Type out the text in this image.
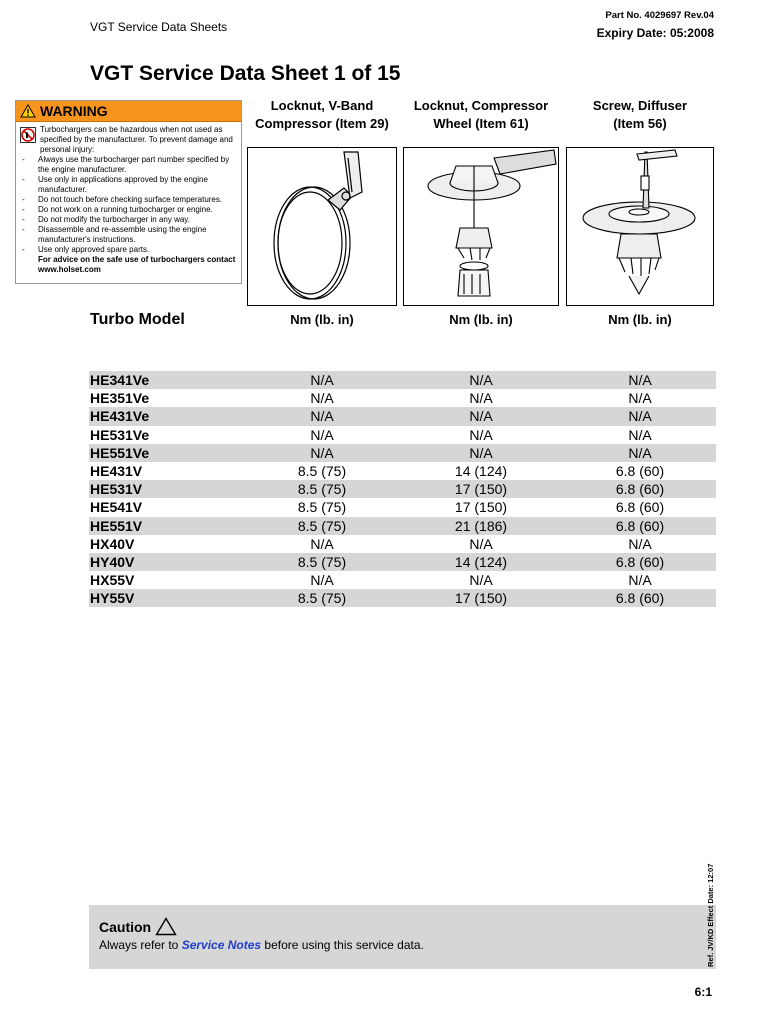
VGT Service Data Sheets
Part No. 4029697 Rev.04
Expiry Date: 05:2008
VGT Service Data Sheet 1 of 15
WARNING
Turbochargers can be hazardous when not used as specified by the manufacturer. To prevent damage and personal injury:
- Always use the turbocharger part number specified by the engine manufacturer.
- Use only in applications approved by the engine manufacturer.
- Do not touch before checking surface temperatures.
- Do not work on a running turbocharger or engine.
- Do not modify the turbocharger in any way.
- Disassemble and re-assemble using the engine manufacturer's instructions.
- Use only approved spare parts.
For advice on the safe use of turbochargers contact www.holset.com
Locknut, V-Band
Compressor (Item 29)
Locknut, Compressor
Wheel (Item 61)
Screw, Diffuser
(Item 56)
Turbo Model	Nm (lb. in)	Nm (lb. in)	Nm (lb. in)
HE341Ve	N/A	N/A	N/A
HE351Ve	N/A	N/A	N/A
HE431Ve	N/A	N/A	N/A
HE531Ve	N/A	N/A	N/A
HE551Ve	N/A	N/A	N/A
HE431V	8.5 (75)	14 (124)	6.8 (60)
HE531V	8.5 (75)	17 (150)	6.8 (60)
HE541V	8.5 (75)	17 (150)	6.8 (60)
HE551V	8.5 (75)	21 (186)	6.8 (60)
HX40V	N/A	N/A	N/A
HY40V	8.5 (75)	14 (124)	6.8 (60)
HX55V	N/A	N/A	N/A
HY55V	8.5 (75)	17 (150)	6.8 (60)
Caution
Always refer to Service Notes before using this service data.	Ref. JV/KD Effect Date: 12:07
6:1
